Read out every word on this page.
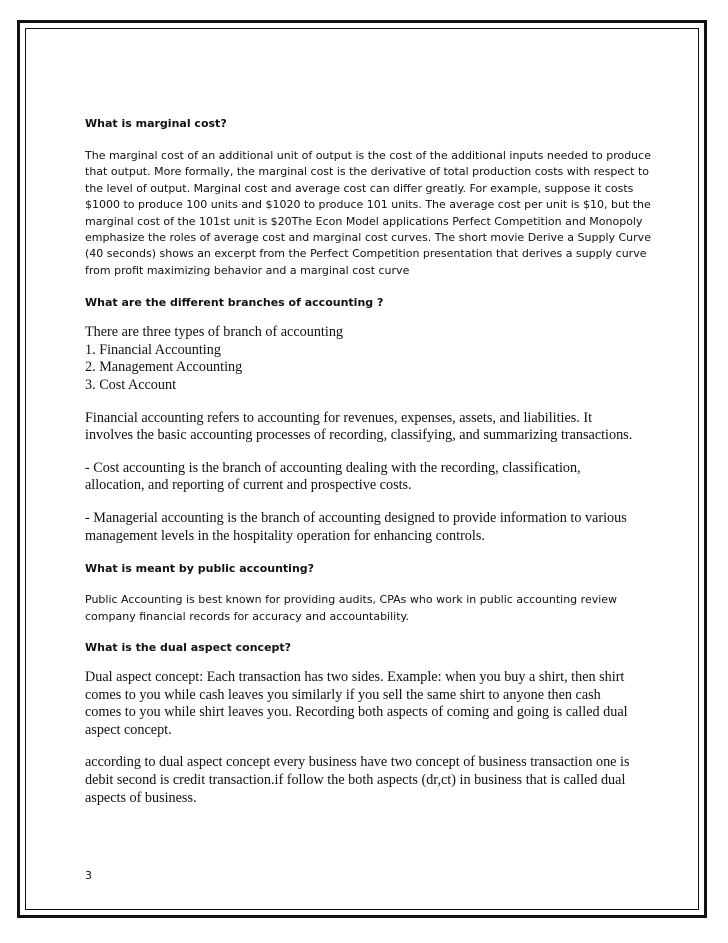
What is marginal cost?

The marginal cost of an additional unit of output is the cost of the additional inputs needed to produce
that output. More formally, the marginal cost is the derivative of total production costs with respect to
the level of output. Marginal cost and average cost can differ greatly. For example, suppose it costs
$1000 to produce 100 units and $1020 to produce 101 units. The average cost per unit is $10, but the
marginal cost of the 101st unit is $20The Econ Model applications Perfect Competition and Monopoly
emphasize the roles of average cost and marginal cost curves. The short movie Derive a Supply Curve
(40 seconds) shows an excerpt from the Perfect Competition presentation that derives a supply curve
from profit maximizing behavior and a marginal cost curve

What are the different branches of accounting ?

There are three types of branch of accounting
1. Financial Accounting
2. Management Accounting
3. Cost Account

Financial accounting refers to accounting for revenues, expenses, assets, and liabilities. It
involves the basic accounting processes of recording, classifying, and summarizing transactions.

- Cost accounting is the branch of accounting dealing with the recording, classification,
allocation, and reporting of current and prospective costs.

- Managerial accounting is the branch of accounting designed to provide information to various
management levels in the hospitality operation for enhancing controls.

What is meant by public accounting?

Public Accounting is best known for providing audits, CPAs who work in public accounting review
company financial records for accuracy and accountability.

What is the dual aspect concept?

Dual aspect concept: Each transaction has two sides. Example: when you buy a shirt, then shirt
comes to you while cash leaves you similarly if you sell the same shirt to anyone then cash
comes to you while shirt leaves you. Recording both aspects of coming and going is called dual
aspect concept.

according to dual aspect concept every business have two concept of business transaction one is
debit second is credit transaction.if follow the both aspects (dr,ct) in business that is called dual
aspects of business.

3
